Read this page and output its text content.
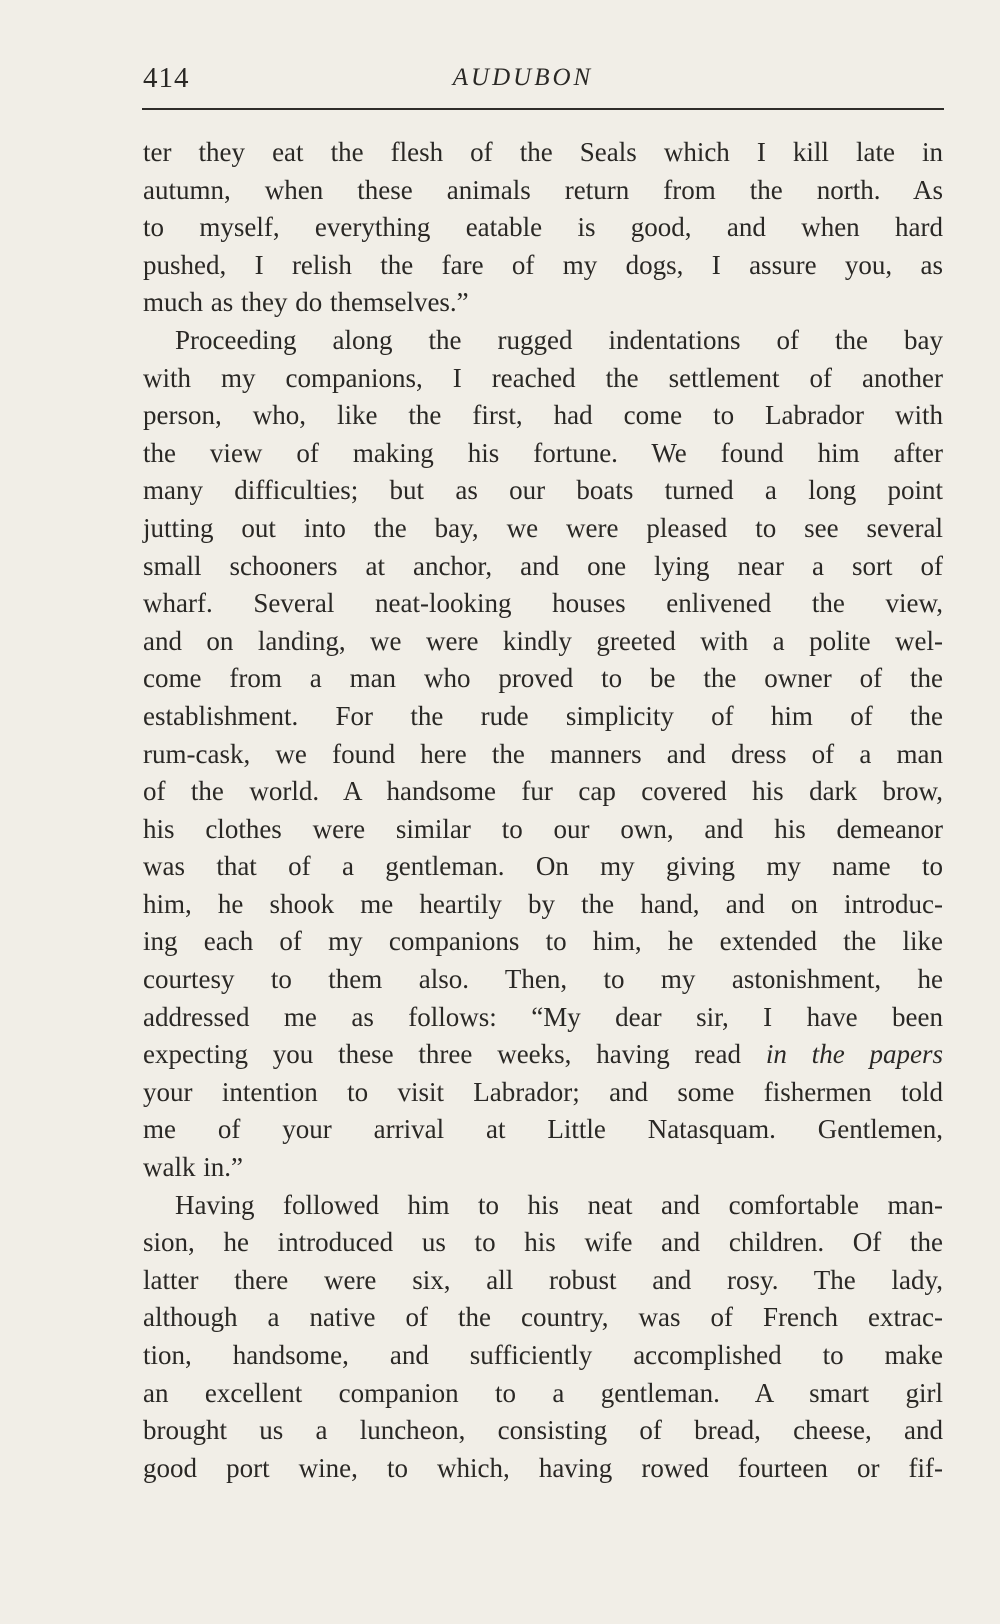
414	AUDUBON
ter they eat the flesh of the Seals which I kill late in
autumn, when these animals return from the north. As
to myself, everything eatable is good, and when hard
pushed, I relish the fare of my dogs, I assure you, as
much as they do themselves.”
Proceeding along the rugged indentations of the bay
with my companions, I reached the settlement of another
person, who, like the first, had come to Labrador with
the view of making his fortune. We found him after
many difficulties; but as our boats turned a long point
jutting out into the bay, we were pleased to see several
small schooners at anchor, and one lying near a sort of
wharf. Several neat-looking houses enlivened the view,
and on landing, we were kindly greeted with a polite wel-
come from a man who proved to be the owner of the
establishment. For the rude simplicity of him of the
rum-cask, we found here the manners and dress of a man
of the world. A handsome fur cap covered his dark brow,
his clothes were similar to our own, and his demeanor
was that of a gentleman. On my giving my name to
him, he shook me heartily by the hand, and on introduc-
ing each of my companions to him, he extended the like
courtesy to them also. Then, to my astonishment, he
addressed me as follows: “My dear sir, I have been
expecting you these three weeks, having read in the papers
your intention to visit Labrador; and some fishermen told
me of your arrival at Little Natasquam. Gentlemen,
walk in.”
Having followed him to his neat and comfortable man-
sion, he introduced us to his wife and children. Of the
latter there were six, all robust and rosy. The lady,
although a native of the country, was of French extrac-
tion, handsome, and sufficiently accomplished to make
an excellent companion to a gentleman. A smart girl
brought us a luncheon, consisting of bread, cheese, and
good port wine, to which, having rowed fourteen or fif-
